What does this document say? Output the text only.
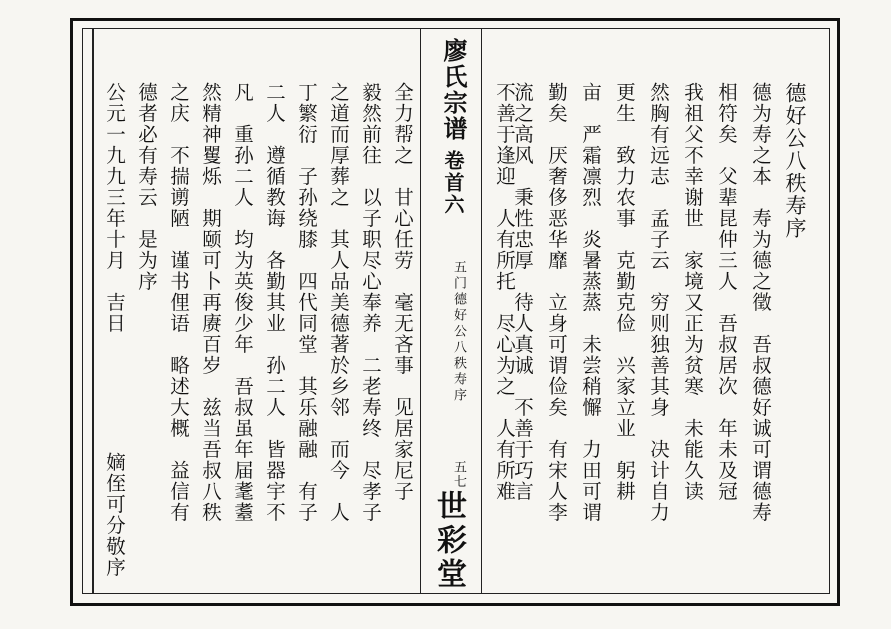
廖氏宗谱
卷首六
五门德好公八秩寿序
五七
世彩堂
德好公八秩寿序
德为寿之本　寿为德之徵　吾叔德好诚可谓德寿
相符矣　父辈昆仲三人　吾叔居次　年未及冠
我祖父不幸谢世　家境又正为贫寒　未能久读
然胸有远志　孟子云　穷则独善其身　决计自力
更生　致力农事　克勤克俭　兴家立业　躬耕
亩　严霜凛烈　炎暑蒸蒸　未尝稍懈　力田可谓
勤矣　厌奢侈恶华靡　立身可谓俭矣　有宋人李
流之高风　秉性忠厚　待人真诚　不善于巧言
不善于逢迎　人有所托　尽心为之　人有所难
全力帮之　甘心任劳　毫无吝事　见居家尼子
毅然前往　以子职尽心奉养　二老寿终　尽孝子
之道而厚葬之　其人品美德著於乡邻　而今　人
丁繁衍　子孙绕膝　四代同堂　其乐融融　有子
二人　遵循教诲　各勤其业　孙二人　皆器宇不
凡　重孙二人　均为英俊少年　吾叔虽年届耄耋
然精神矍烁　期颐可卜再赓百岁　兹当吾叔八秩
之庆　不揣谫陋　谨书俚语　略述大概　益信有
德者必有寿云　是为序
公元一九九三年十月　吉日
嫡侄可分敬序
